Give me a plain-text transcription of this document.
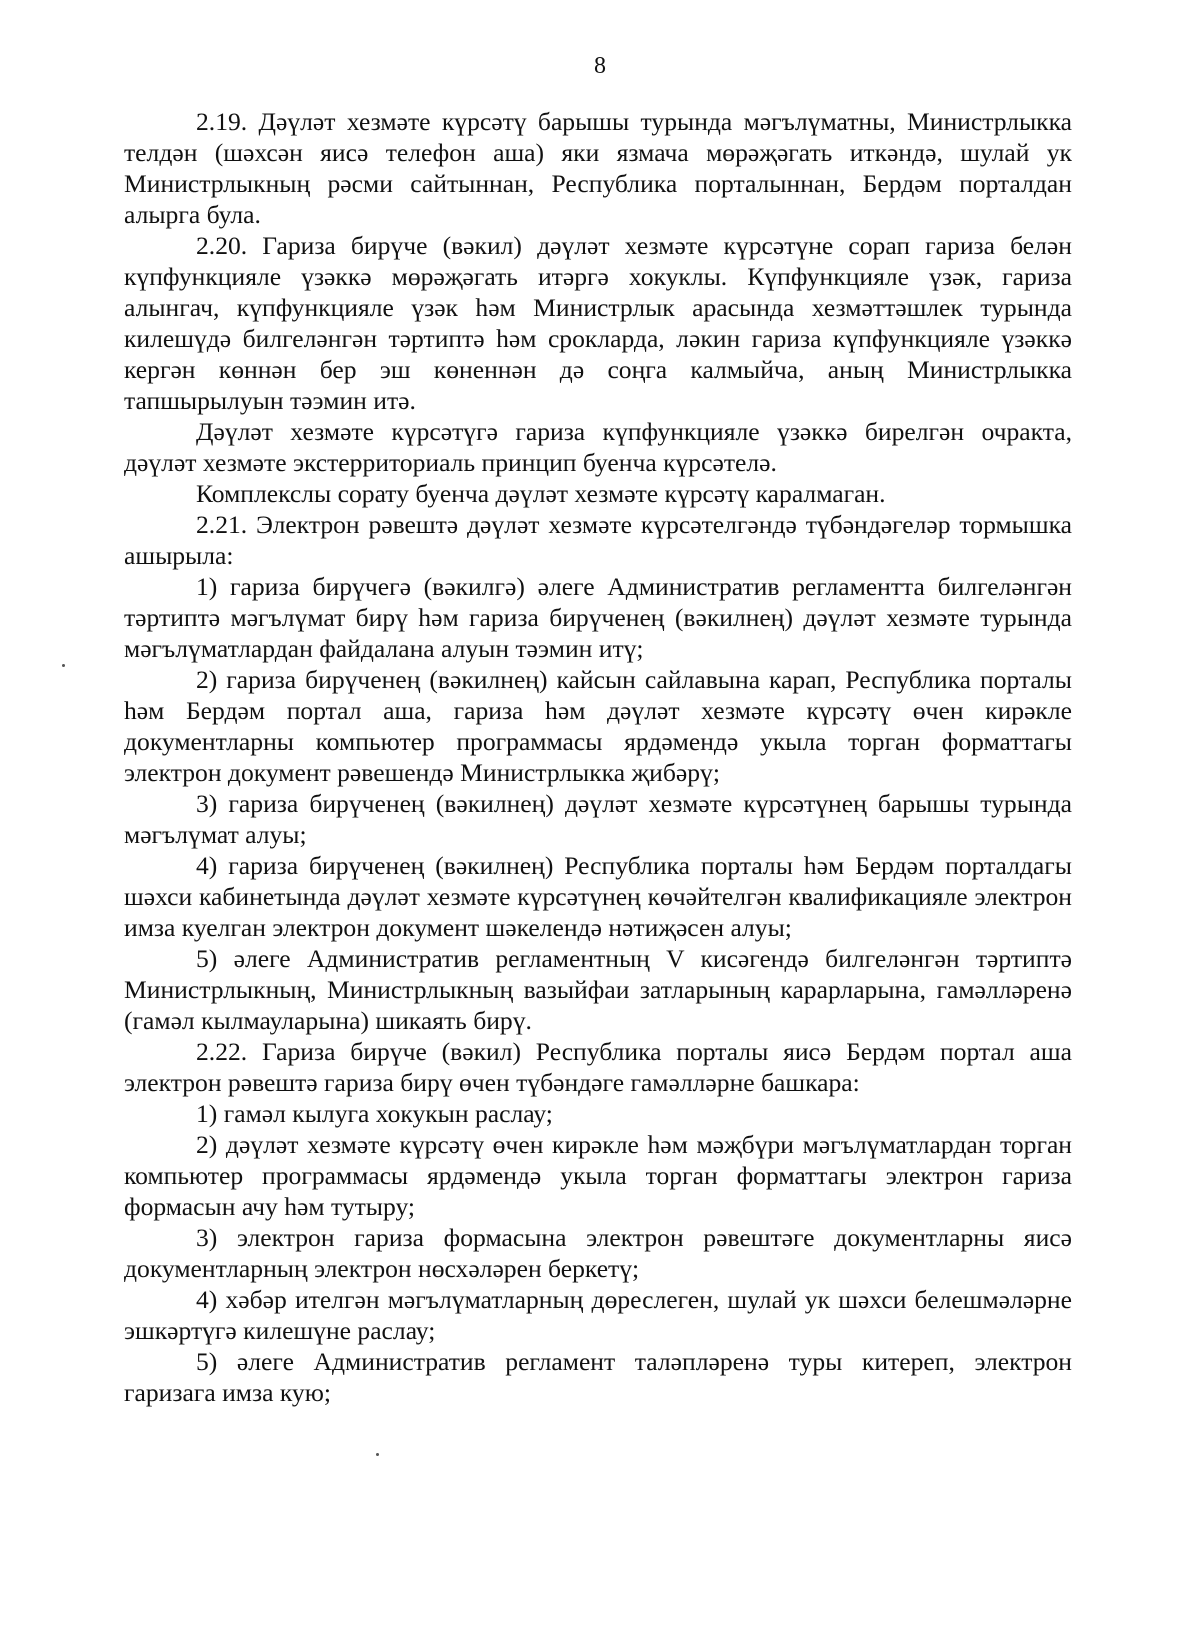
8

2.19. Дәүләт хезмәте күрсәтү барышы турында мәгълүматны, Министрлыкка телдән (шәхсән яисә телефон аша) яки язмача мөрәҗәгать иткәндә, шулай ук Министрлыкның рәсми сайтыннан, Республика порталыннан, Бердәм порталдан алырга була.

2.20. Гариза бирүче (вәкил) дәүләт хезмәте күрсәтүне сорап гариза белән күпфункцияле үзәккә мөрәҗәгать итәргә хокуклы. Күпфункцияле үзәк, гариза алынгач, күпфункцияле үзәк һәм Министрлык арасында хезмәттәшлек турында килешүдә билгеләнгән тәртиптә һәм срокларда, ләкин гариза күпфункцияле үзәккә кергән көннән бер эш көненнән дә соңга калмыйча, аның Министрлыкка тапшырылуын тәэмин итә.

Дәүләт хезмәте күрсәтүгә гариза күпфункцияле үзәккә бирелгән очракта, дәүләт хезмәте экстерриториаль принцип буенча күрсәтелә.

Комплекслы сорату буенча дәүләт хезмәте күрсәтү каралмаган.

2.21. Электрон рәвештә дәүләт хезмәте күрсәтелгәндә түбәндәгеләр тормышка ашырыла:

1) гариза бирүчегә (вәкилгә) әлеге Административ регламентта билгеләнгән тәртиптә мәгълүмат бирү һәм гариза бирүченең (вәкилнең) дәүләт хезмәте турында мәгълүматлардан файдалана алуын тәэмин итү;

2) гариза бирүченең (вәкилнең) кайсын сайлавына карап, Республика порталы һәм Бердәм портал аша, гариза һәм дәүләт хезмәте күрсәтү өчен кирәкле документларны компьютер программасы ярдәмендә укыла торган форматтагы электрон документ рәвешендә Министрлыкка җибәрү;

3) гариза бирүченең (вәкилнең) дәүләт хезмәте күрсәтүнең барышы турында мәгълүмат алуы;

4) гариза бирүченең (вәкилнең) Республика порталы һәм Бердәм порталдагы шәхси кабинетында дәүләт хезмәте күрсәтүнең көчәйтелгән квалификацияле электрон имза куелган электрон документ шәкелендә нәтиҗәсен алуы;

5) әлеге Административ регламентның V кисәгендә билгеләнгән тәртиптә Министрлыкның, Министрлыкның вазыйфаи затларының карарларына, гамәлләренә (гамәл кылмауларына) шикаять бирү.

2.22. Гариза бирүче (вәкил) Республика порталы яисә Бердәм портал аша электрон рәвештә гариза бирү өчен түбәндәге гамәлләрне башкара:

1) гамәл кылуга хокукын раслау;

2) дәүләт хезмәте күрсәтү өчен кирәкле һәм мәҗбүри мәгълүматлардан торган компьютер программасы ярдәмендә укыла торган форматтагы электрон гариза формасын ачу һәм тутыру;

3) электрон гариза формасына электрон рәвештәге документларны яисә документларның электрон нөсхәләрен беркетү;

4) хәбәр ителгән мәгълүматларның дөреслеген, шулай ук шәхси белешмәләрне эшкәртүгә килешүне раслау;

5) әлеге Административ регламент таләпләренә туры китереп, электрон гаризага имза кую;
